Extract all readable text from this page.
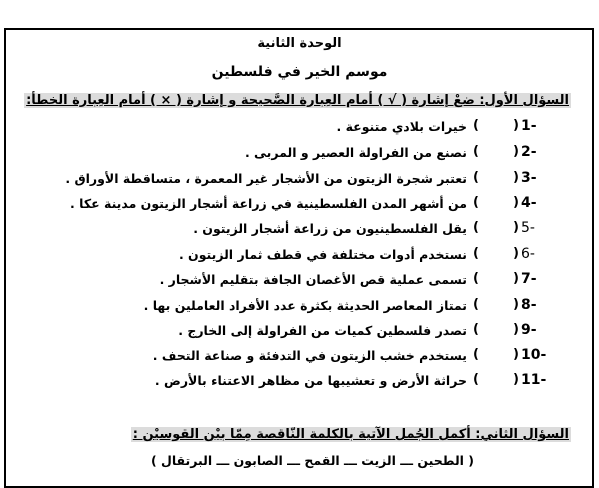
الوحدة الثانية
موسم الخير في فلسطين
السؤال الأول: ضعْ إشارة ( √ ) أمام العِبارة الصَّحيحة و إشارة ( × ) أمام العِبارة الخطأ:
1-
(
)
خيرات بلادي متنوعة .
2-
(
)
نصنع من الفراولة العصير و المربى .
3-
(
)
تعتبر شجرة الزيتون من الأشجار غير المعمرة ، متساقطة الأوراق .
4-
(
)
من أشهر المدن الفلسطينية في زراعة أشجار الزيتون مدينة عكا .
5-
(
)
يقل الفلسطينيون من زراعة أشجار الزيتون .
6-
(
)
نستخدم أدوات مختلفة في قطف ثمار الزيتون .
7-
(
)
تسمى عملية قص الأغصان الجافة بتقليم الأشجار .
8-
(
)
تمتاز المعاصر الحديثة بكثرة عدد الأفراد العاملين بها .
9-
(
)
تصدر فلسطين كميات من الفراولة إلى الخارج .
10-
(
)
يستخدم خشب الزيتون في التدفئة و صناعة التحف .
11-
(
)
حراثة الأرض و تعشيبها من مظاهر الاعتناء بالأرض .
السؤال الثاني: أكمل الجُمل الآتية بالكلمة النّاقصة مِمّا بيْن القوسيْن :
( الطحين ـــ الزيت ـــ القمح ـــ الصابون ـــ البرتقال )
